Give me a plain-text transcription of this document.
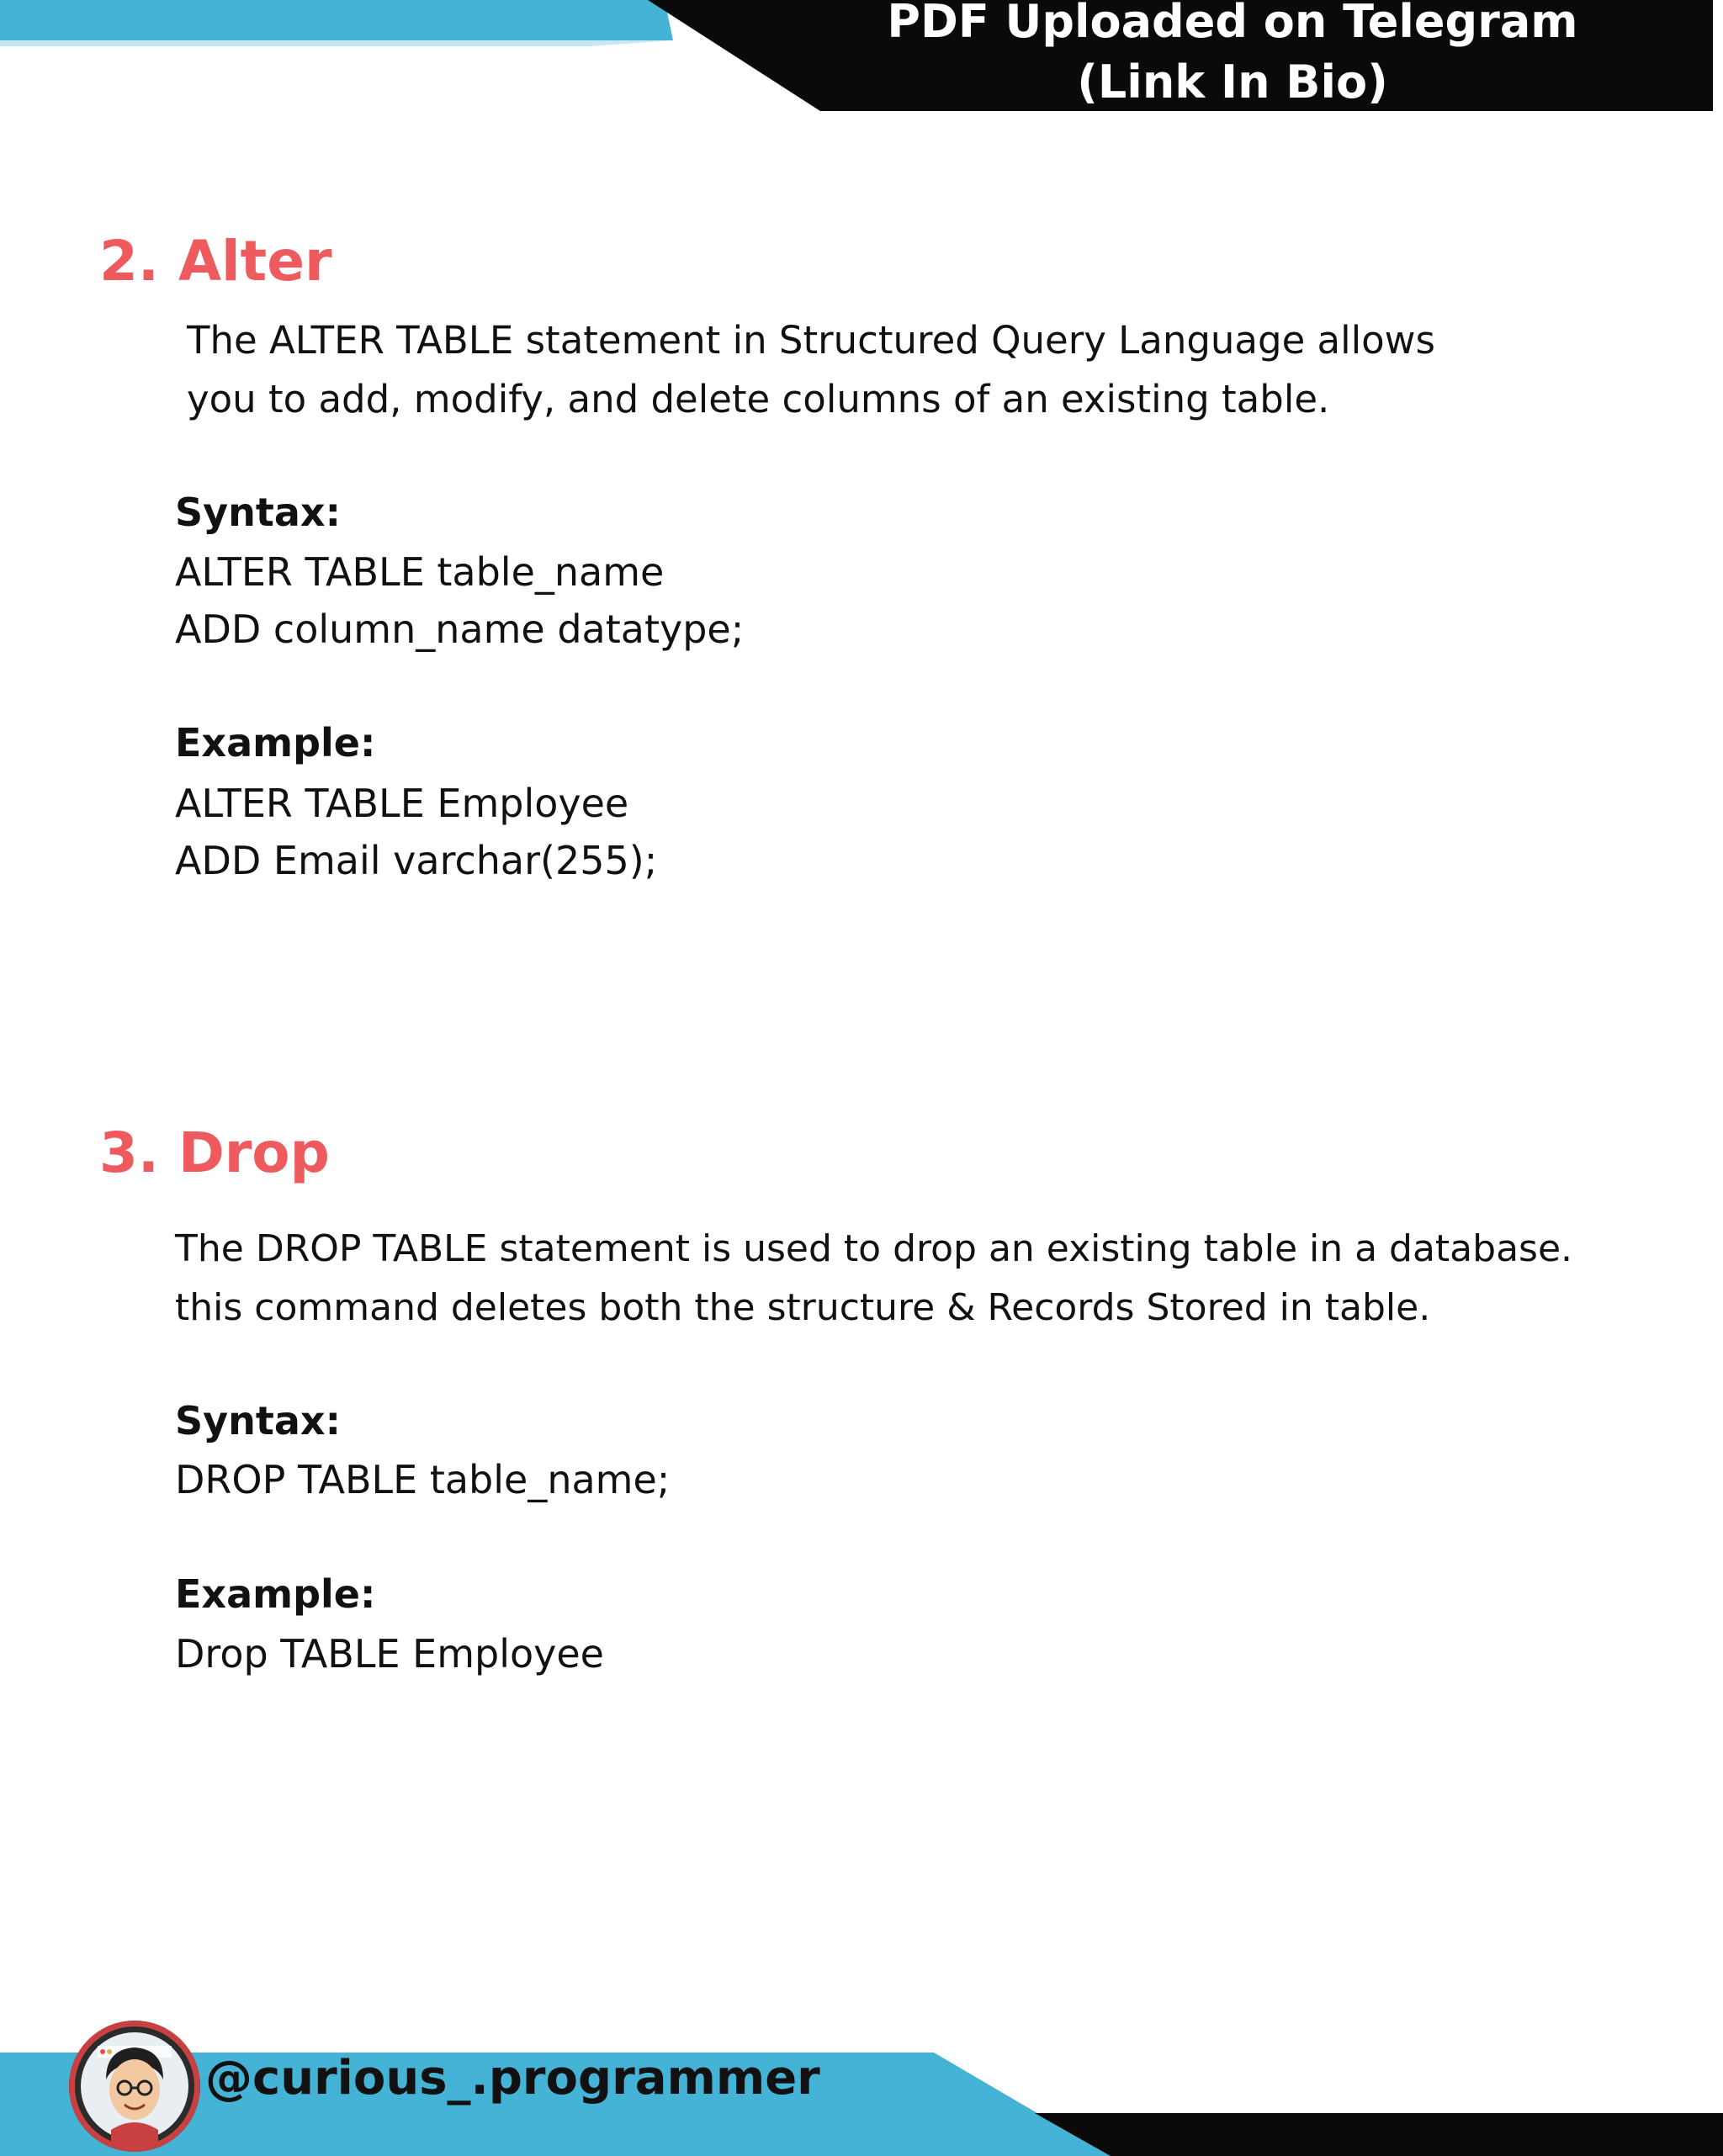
PDF Uploaded on Telegram
(Link In Bio)
2. Alter
The ALTER TABLE statement in Structured Query Language allows
you to add, modify, and delete columns of an existing table.
Syntax:
ALTER TABLE table_name
ADD column_name datatype;
Example:
ALTER TABLE Employee
ADD Email varchar(255);
3. Drop
The DROP TABLE statement is used to drop an existing table in a database.
this command deletes both the structure & Records Stored in table.
Syntax:
DROP TABLE table_name;
Example:
Drop TABLE Employee
@curious_.programmer
